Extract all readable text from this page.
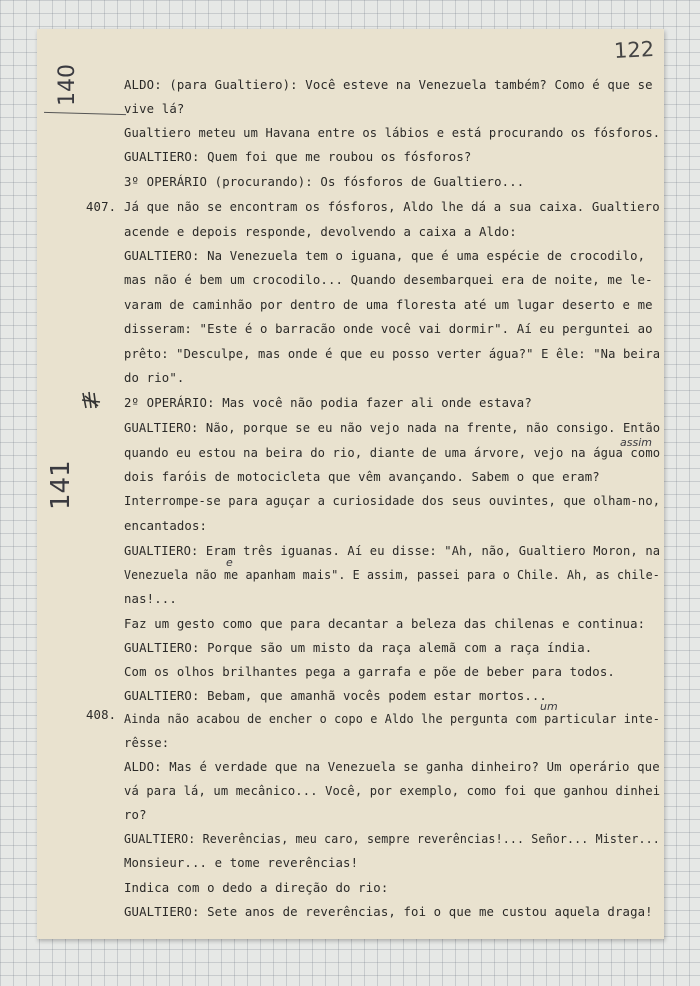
122
140
141
407.
408.
ALDO: (para Gualtiero): Você esteve na Venezuela também? Como é que se
vive lá?
Gualtiero meteu um Havana entre os lábios e está procurando os fósforos.
GUALTIERO: Quem foi que me roubou os fósforos?
3º OPERÁRIO (procurando): Os fósforos de Gualtiero...
Já que não se encontram os fósforos, Aldo lhe dá a sua caixa. Gualtiero
acende e depois responde, devolvendo a caixa a Aldo:
GUALTIERO: Na Venezuela tem o iguana, que é uma espécie de crocodilo,
mas não é bem um crocodilo... Quando desembarquei era de noite, me le-
varam de caminhão por dentro de uma floresta até um lugar deserto e me
disseram: "Este é o barracão onde você vai dormir". Aí eu perguntei ao
prêto: "Desculpe, mas onde é que eu posso verter água?" E êle: "Na beira
do rio".
2º OPERÁRIO: Mas você não podia fazer ali onde estava?
GUALTIERO: Não, porque se eu não vejo nada na frente, não consigo. Então
quando eu estou na beira do rio, diante de uma árvore, vejo na água como
dois faróis de motocicleta que vêm avançando. Sabem o que eram?
Interrompe-se para aguçar a curiosidade dos seus ouvintes, que olham-no,
encantados:
GUALTIERO: Eram três iguanas. Aí eu disse: "Ah, não, Gualtiero Moron, na
Venezuela não me apanham mais". E assim, passei para o Chile. Ah, as chile-
nas!...
Faz um gesto como que para decantar a beleza das chilenas e continua:
GUALTIERO: Porque são um misto da raça alemã com a raça índia.
Com os olhos brilhantes pega a garrafa e põe de beber para todos.
GUALTIERO: Bebam, que amanhã vocês podem estar mortos...
Ainda não acabou de encher o copo e Aldo lhe pergunta com particular inte-
rêsse:
ALDO: Mas é verdade que na Venezuela se ganha dinheiro? Um operário que
vá para lá, um mecânico... Você, por exemplo, como foi que ganhou dinhei
ro?
GUALTIERO: Reverências, meu caro, sempre reverências!... Señor... Mister...
Monsieur... e tome reverências!
Indica com o dedo a direção do rio:
GUALTIERO: Sete anos de reverências, foi o que me custou aquela draga!
assim
e
um
